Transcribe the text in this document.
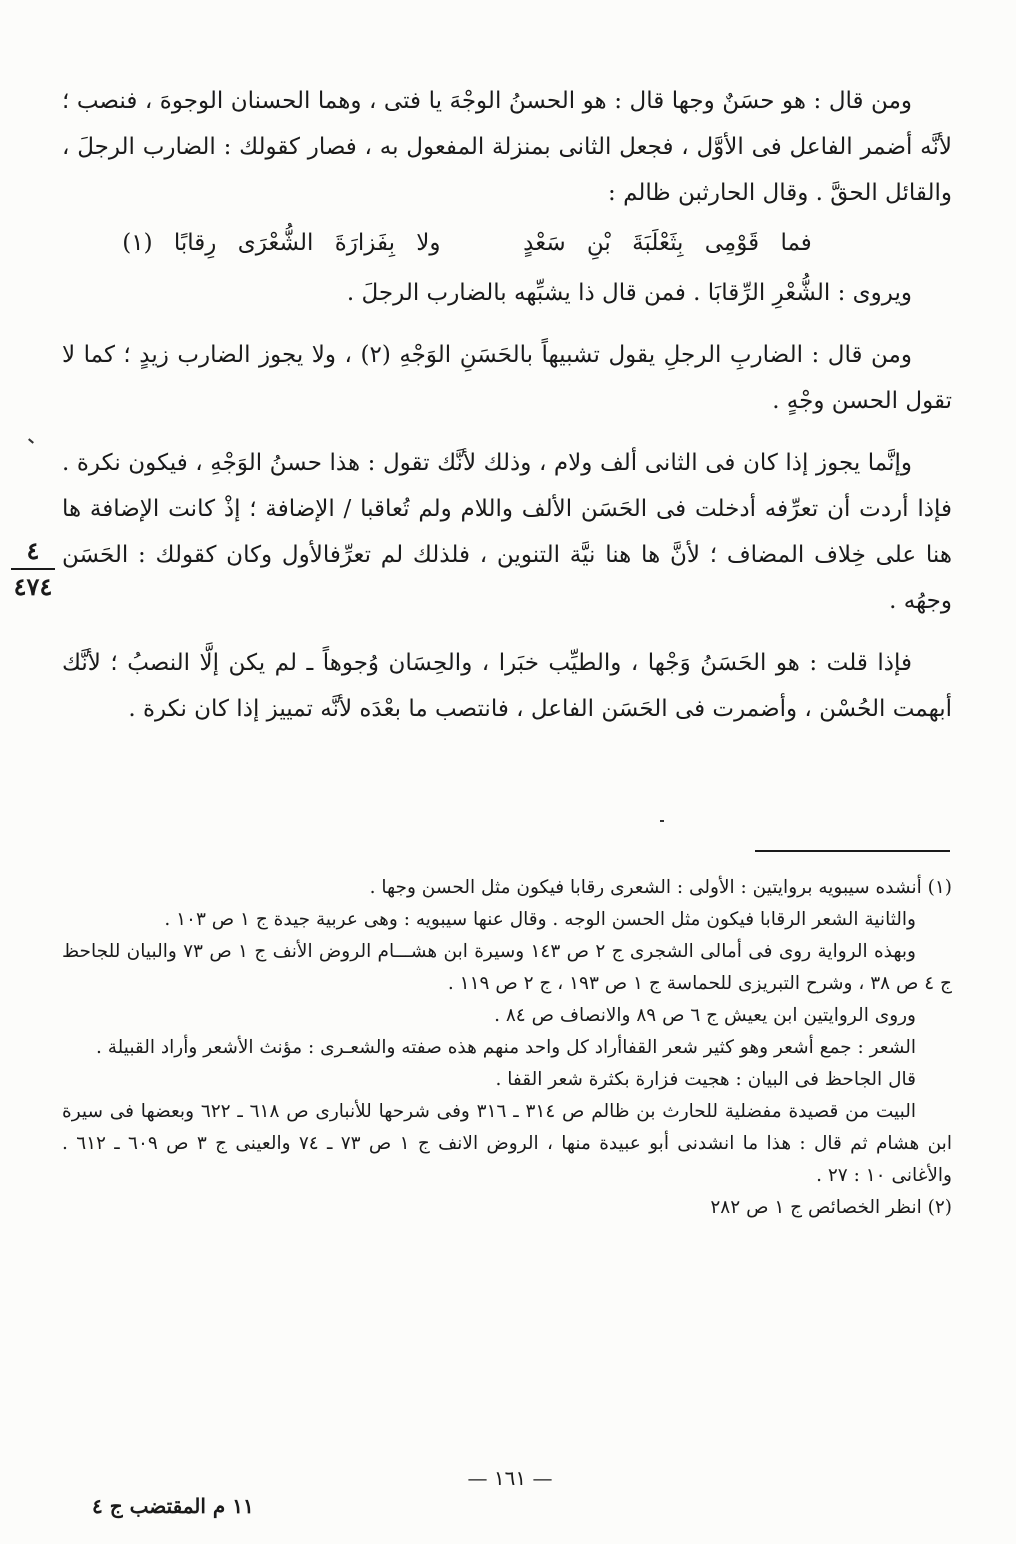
ومن قال : هو حسَنٌ وجها قال : هو الحسنُ الوجْهَ يا فتى ، وهما الحسنان الوجوهَ ، فنصب ؛ لأنَّه أضمر الفاعل فى الأوَّل ، فجعل الثانى بمنزلة المفعول به ، فصار كقولك : الضارب الرجلَ ، والقائل الحقَّ . وقال الحارثبن ظالم :

فما قَوْمِى بِثَعْلَبَةَ بْنِ سَعْدٍ  ولا بِفَزارَةَ الشُّعْرَى رِقابًا (١)

ويروى : الشُّعْرِ الرِّقابَا . فمن قال ذا يشبِّهه بالضارب الرجلَ .

ومن قال : الضاربِ الرجلِ يقول تشبيهاً بالحَسَنِ الوَجْهِ (٢) ، ولا يجوز الضارب زيدٍ ؛ كما لا تقول الحسن وجْهٍ .

وإنَّما يجوز إذا كان فى الثانى ألف ولام ، وذلك لأنَّك تقول : هذا حسنُ الوَجْهِ ، فيكون نكرة . فإذا أردت أن تعرِّفه أدخلت فى الحَسَن الألف واللام ولم تُعاقبا / الإضافة ؛ إذْ كانت الإضافة ها هنا على خِلاف المضاف ؛ لأنَّ ها هنا نيَّة التنوين ، فلذلك لم تعرِّفالأول وكان كقولك : الحَسَن وجهُه .

فإذا قلت : هو الحَسَنُ وَجْها ، والطيِّب خبَرا ، والحِسَان وُجوهاً ـ لم يكن إلَّا النصبُ ؛ لأنَّك أبهمت الحُسْن ، وأضمرت فى الحَسَن الفاعل ، فانتصب ما بعْدَه لأنَّه تمييز إذا كان نكرة .

٤
٤٧٤

(١) أنشده سيبويه بروايتين : الأولى : الشعرى رقابا فيكون مثل الحسن وجها .

والثانية الشعر الرقابا فيكون مثل الحسن الوجه . وقال عنها سيبويه : وهى عربية جيدة ج ١ ص ١٠٣ .

وبهذه الرواية روى فى أمالى الشجرى ج ٢ ص ١٤٣ وسيرة ابن هشـــام الروض الأنف ج ١ ص ٧٣ والبيان للجاحظ ج ٤ ص ٣٨ ، وشرح التبريزى للحماسة ج ١ ص ١٩٣ ، ج ٢ ص ١١٩ .

وروى الروايتين ابن يعيش ج ٦ ص ٨٩ والانصاف ص ٨٤ .

الشعر : جمع أشعر وهو كثير شعر القفاأراد كل واحد منهم هذه صفته والشعـرى : مؤنث الأشعر وأراد القبيلة .

قال الجاحظ فى البيان : هجيت فزارة بكثرة شعر القفا .

البيت من قصيدة مفضلية للحارث بن ظالم ص ٣١٤ ـ ٣١٦ وفى شرحها للأنبارى ص ٦١٨ ـ ٦٢٢ وبعضها فى سيرة ابن هشام ثم قال : هذا ما انشدنى أبو عبيدة منها ، الروض الانف ج ١ ص ٧٣ ـ ٧٤ والعينى ج ٣ ص ٦٠٩ ـ ٦١٢ . والأغانى ١٠ : ٢٧ .

(٢) انظر الخصائص ج ١ ص ٢٨٢

— ١٦١ —
١١ م المقتضب ج ٤
